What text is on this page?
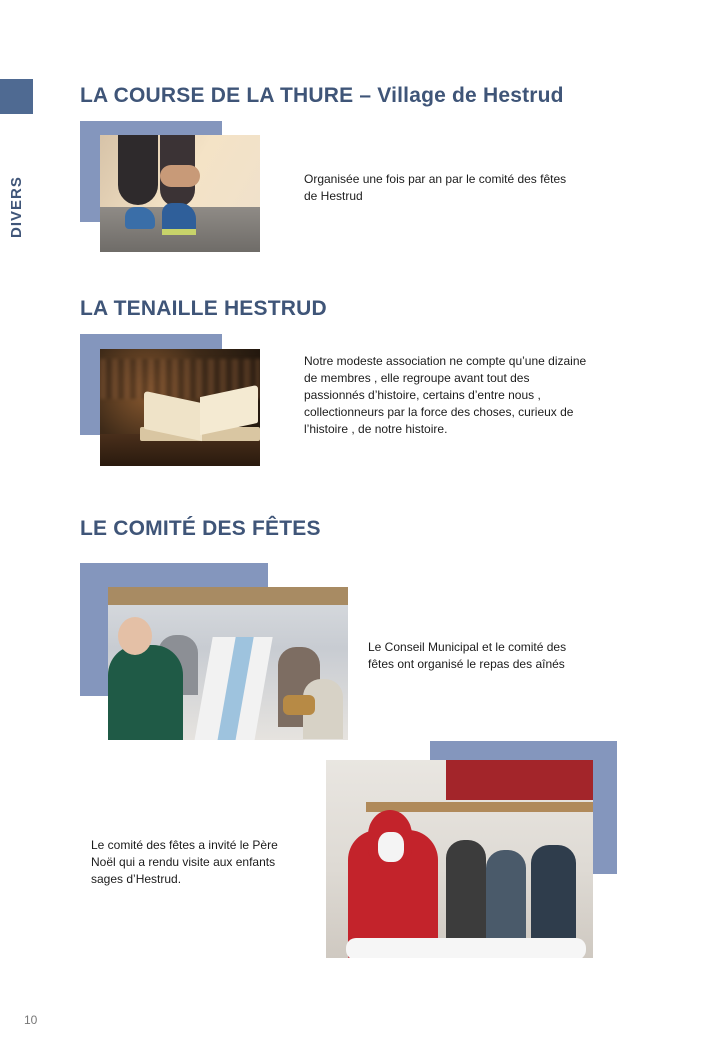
DIVERS
LA COURSE DE LA THURE – Village de Hestrud

Organisée une fois par an par le comité des fêtes
de Hestrud

LA TENAILLE HESTRUD

Notre modeste association ne compte qu’une dizaine
de membres , elle regroupe avant tout des
passionnés d’histoire, certains d’entre nous ,
collectionneurs par la force des choses, curieux de
l’histoire , de notre histoire.

LE COMITÉ DES FÊTES

Le Conseil Municipal et le comité des
fêtes ont organisé le repas des aînés

Le comité des fêtes a invité le Père
Noël qui a rendu visite aux enfants
sages d’Hestrud.

10
